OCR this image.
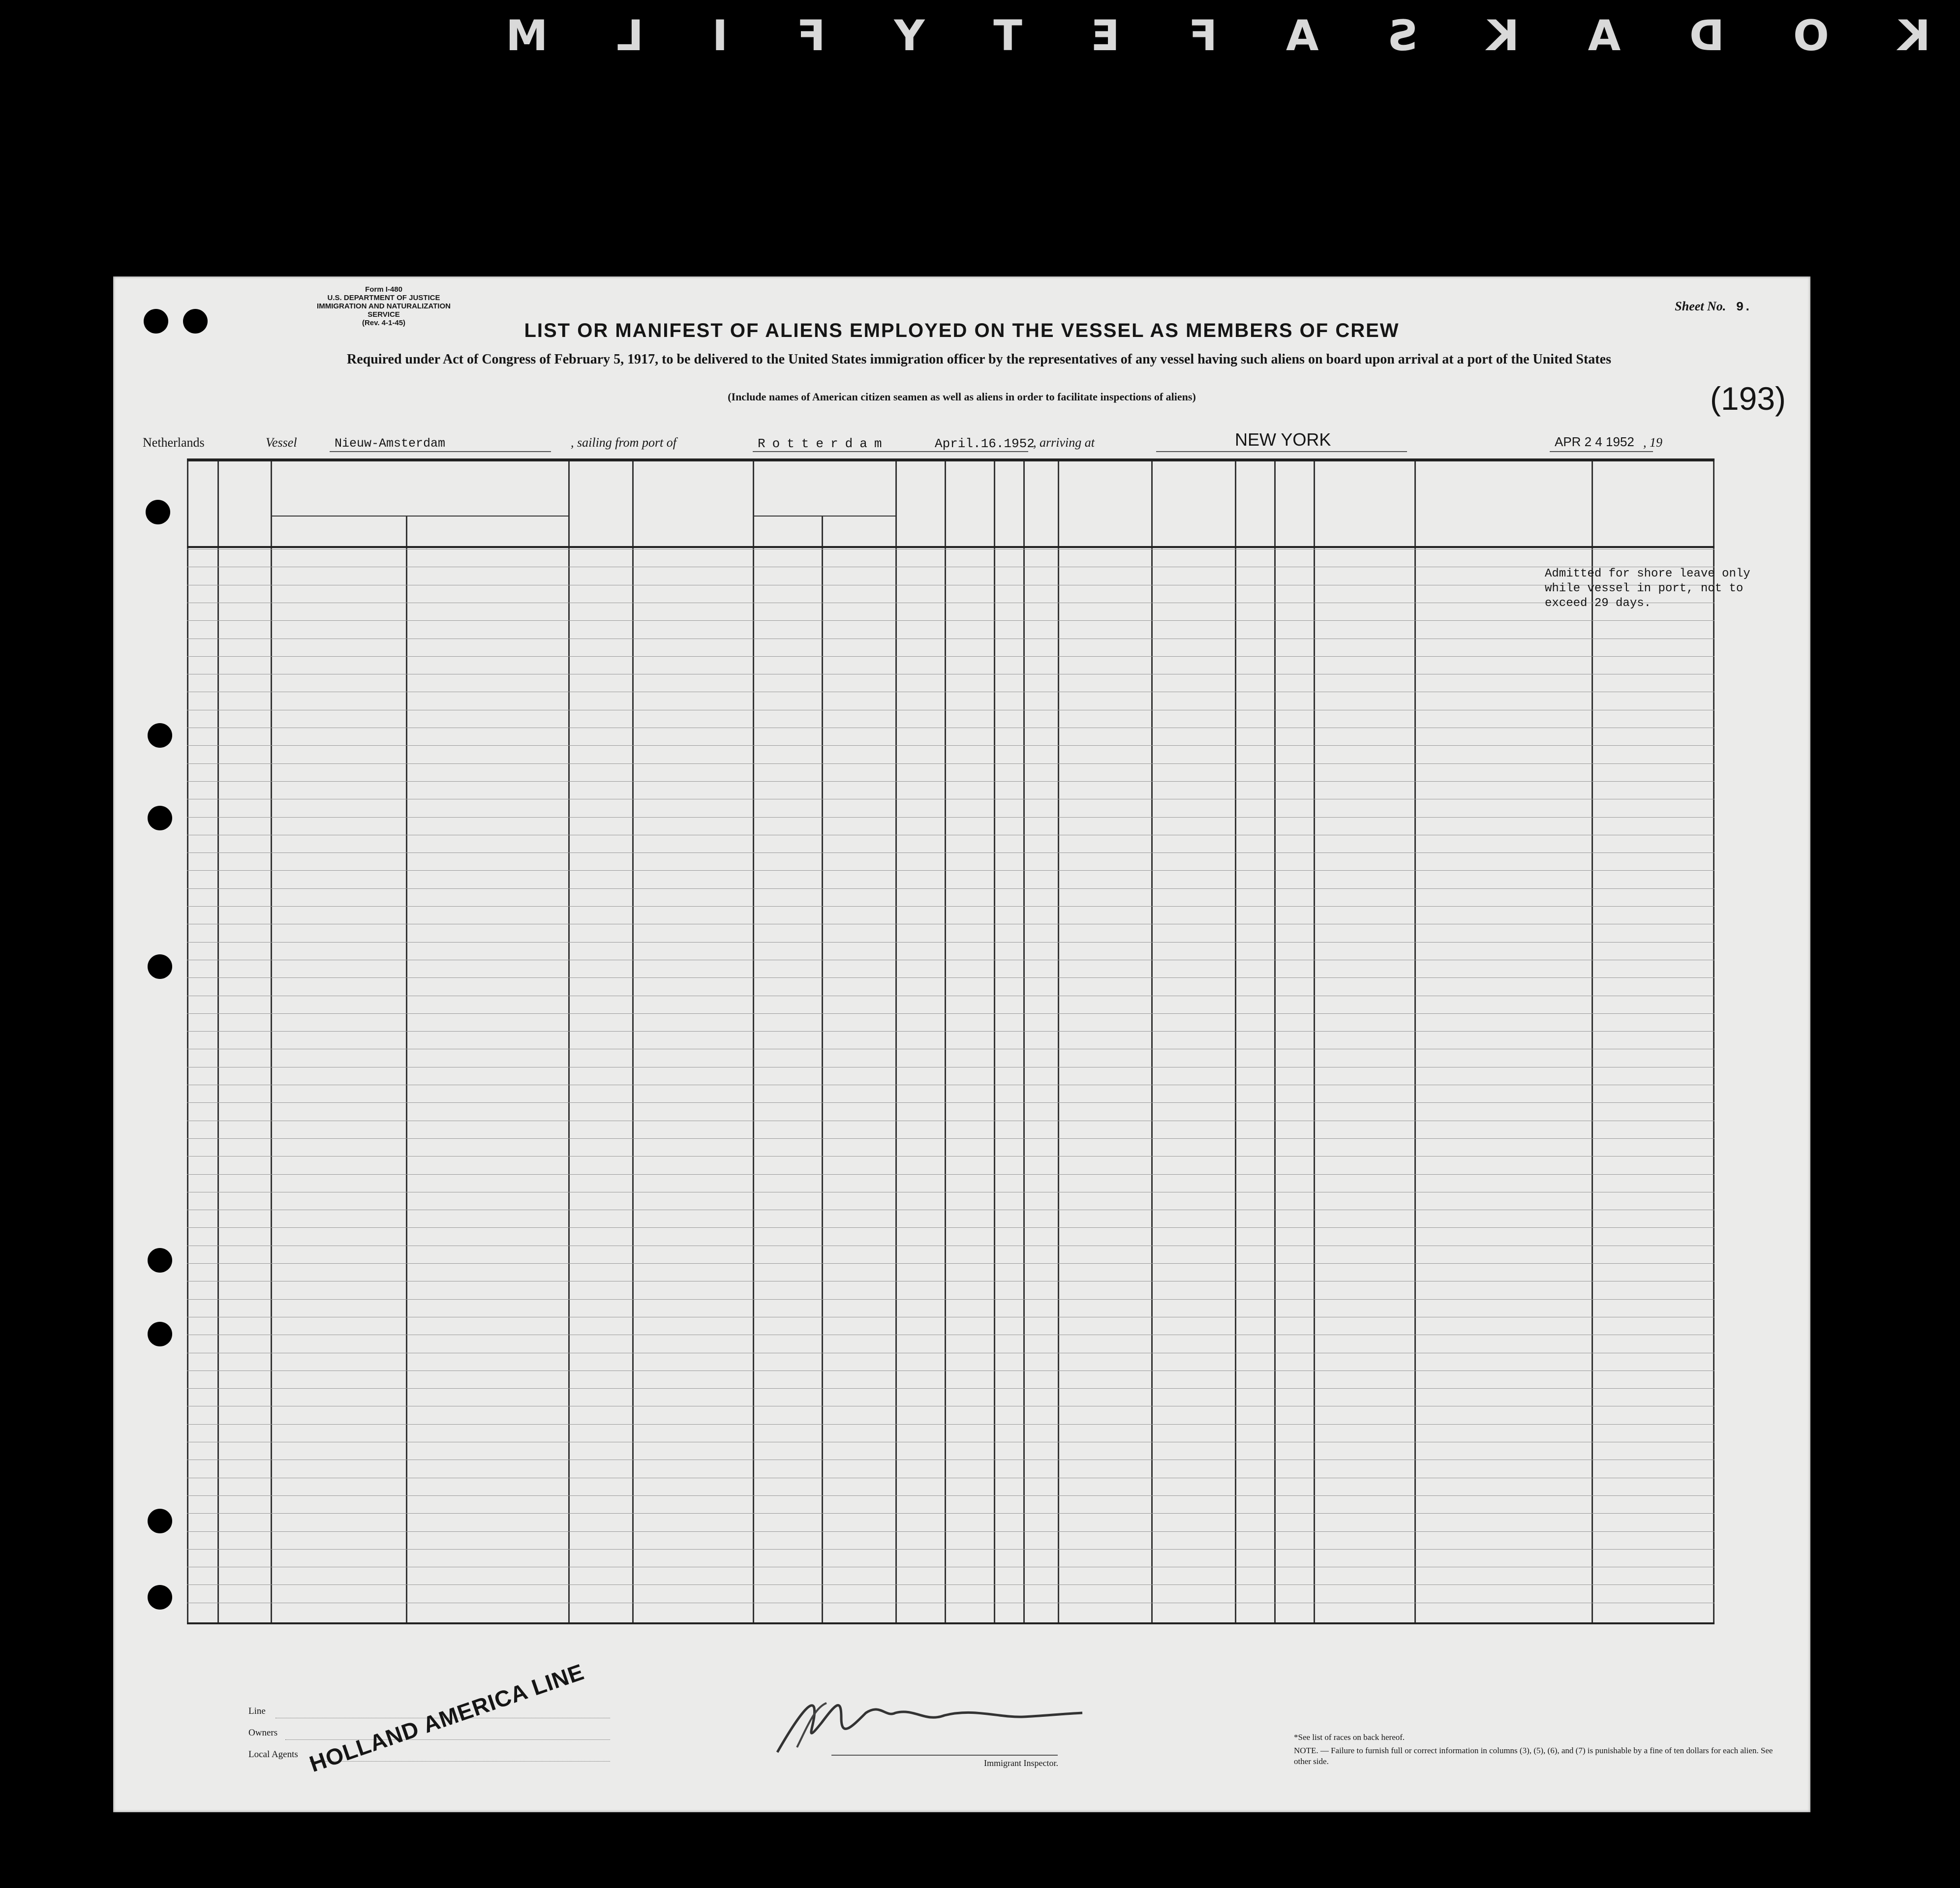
K
O
D
A
K
S
A
F
E
T
Y
F
I
L
M
Form I-480
U.S. DEPARTMENT OF JUSTICE
IMMIGRATION AND NATURALIZATION SERVICE
(Rev. 4-1-45)
Sheet No. 9.
LIST OR MANIFEST OF ALIENS EMPLOYED ON THE VESSEL AS MEMBERS OF CREW
Required under Act of Congress of February 5, 1917, to be delivered to the United States immigration officer by the representatives of any vessel having such aliens on board upon arrival at a port of the United States
(Include names of American citizen seamen as well as aliens in order to facilitate inspections of aliens)	(193)
Netherlands	Vessel	Nieuw-Amsterdam	, sailing from port of	Rotterdam	April.16.1952
, arriving at	NEW YORK	APR 2 4 1952 , 19
Admitted for shore leave only
while vessel in port, not to
exceed 29 days.
Line
Owners
Local Agents HOLLAND AMERICA LINE	Immigrant Inspector.
*See list of races on back hereof.
NOTE. — Failure to furnish full or correct information in columns (3), (5), (6), and (7) is punishable by a fine of ten dollars for each alien. See other side.
